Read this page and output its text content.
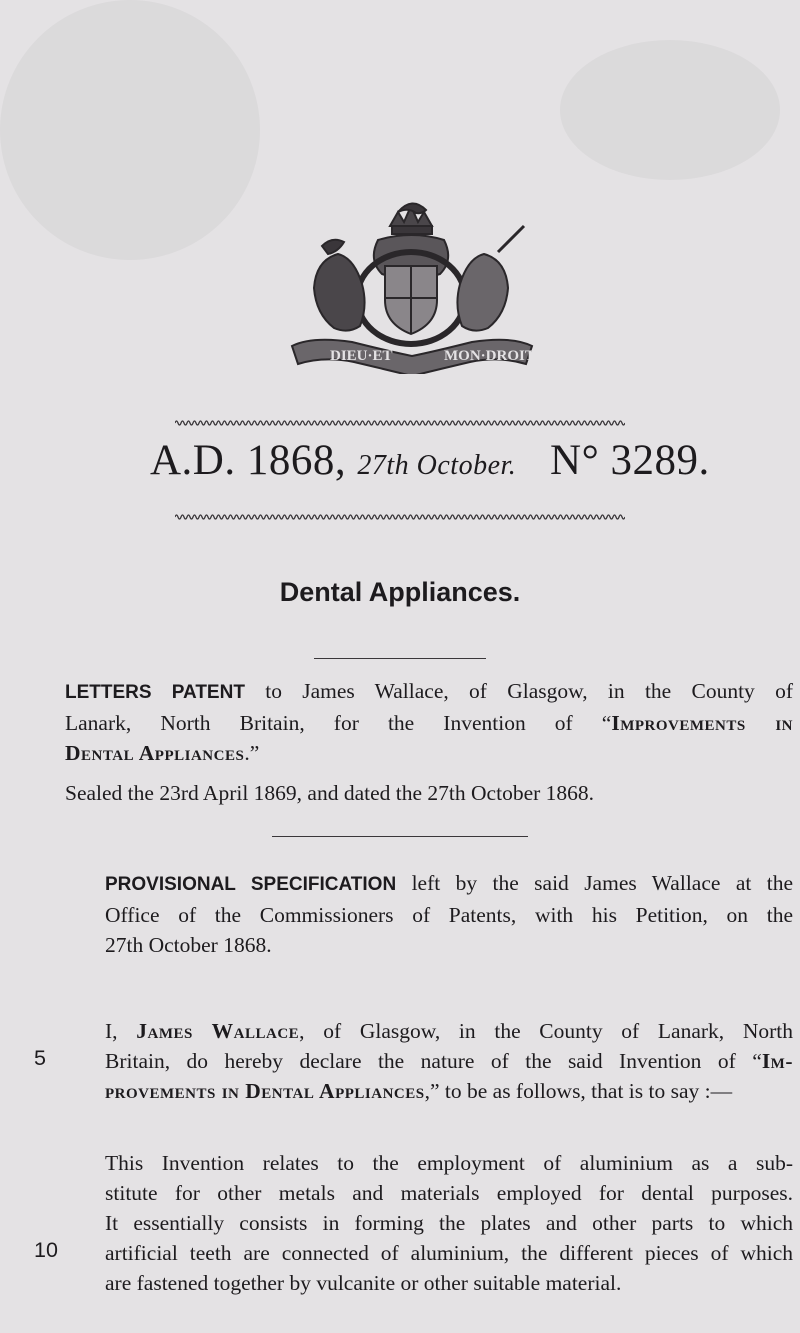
DIEU·ET	MON·DROIT
A.D. 1868, 27th October. N° 3289.
Dental Appliances.
LETTERS PATENT to James Wallace, of Glasgow, in the County of
Lanark, North Britain, for the Invention of “Improvements in
Dental Appliances.”
Sealed the 23rd April 1869, and dated the 27th October 1868.
PROVISIONAL SPECIFICATION left by the said James Wallace at the
Office of the Commissioners of Patents, with his Petition, on the
27th October 1868.
I, James Wallace, of Glasgow, in the County of Lanark, North
Britain, do hereby declare the nature of the said Invention of “Im-
provements in Dental Appliances,” to be as follows, that is to say :—
5
This Invention relates to the employment of aluminium as a sub-
stitute for other metals and materials employed for dental purposes.
It essentially consists in forming the plates and other parts to which
artificial teeth are connected of aluminium, the different pieces of which
are fastened together by vulcanite or other suitable material.
10
